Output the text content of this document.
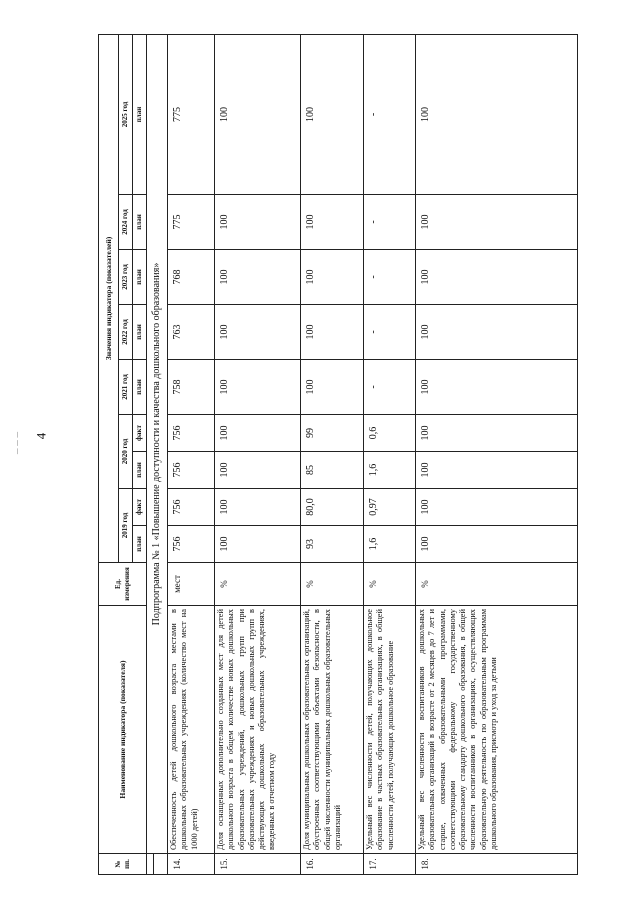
4
– – –
№ пп.	Наименование индикатора (показателя)	Ед. измерения	Значения индикатора (показателей)								
			2019 год		2020 год		2021 год	2022 год	2023 год	2024 год	2025 год
			план	факт	план	факт	план	план	план	план	план
	Подпрограмма № 1 «Повышение доступности и качества дошкольного образования»										

14.	Обеспеченность детей дошкольного возраста местами в дошкольных образовательных учреждениях (количество мест на 1000 детей)	мест	756	756	756	756	758	763	768	775	775
15.	Доля оснащенных дополнительно созданных мест для детей дошкольного возраста в общем количестве новых дошкольных образовательных учреждений, дошкольных групп при образовательных учреждениях и новых дошкольных групп в действующих дошкольных образовательных учреждениях, введенных в отчетном году	%	100	100	100	100	100	100	100	100	100
16.	Доля муниципальных дошкольных образовательных организаций, обустроенных соответствующими объектами безопасности, в общей численности муниципальных дошкольных образовательных организаций	%	93	80,0	85	99	100	100	100	100	100
17.	Удельный вес численности детей, получающих дошкольное образование в частных образовательных организациях, в общей численности детей, получающих дошкольное образование	%	1,6	0,97	1,6	0,6	-	-	-	-	-
18.	Удельный вес численности воспитанников дошкольных образовательных организаций в возрасте от 2 месяцев до 7 лет и старше, охваченных образовательными программами, соответствующими федеральному государственному образовательному стандарту дошкольного образования, в общей численности воспитанников в организациях, осуществляющих образовательную деятельность по образовательным программам дошкольного образования, присмотр и уход за детьми	%	100	100	100	100	100	100	100	100	100
